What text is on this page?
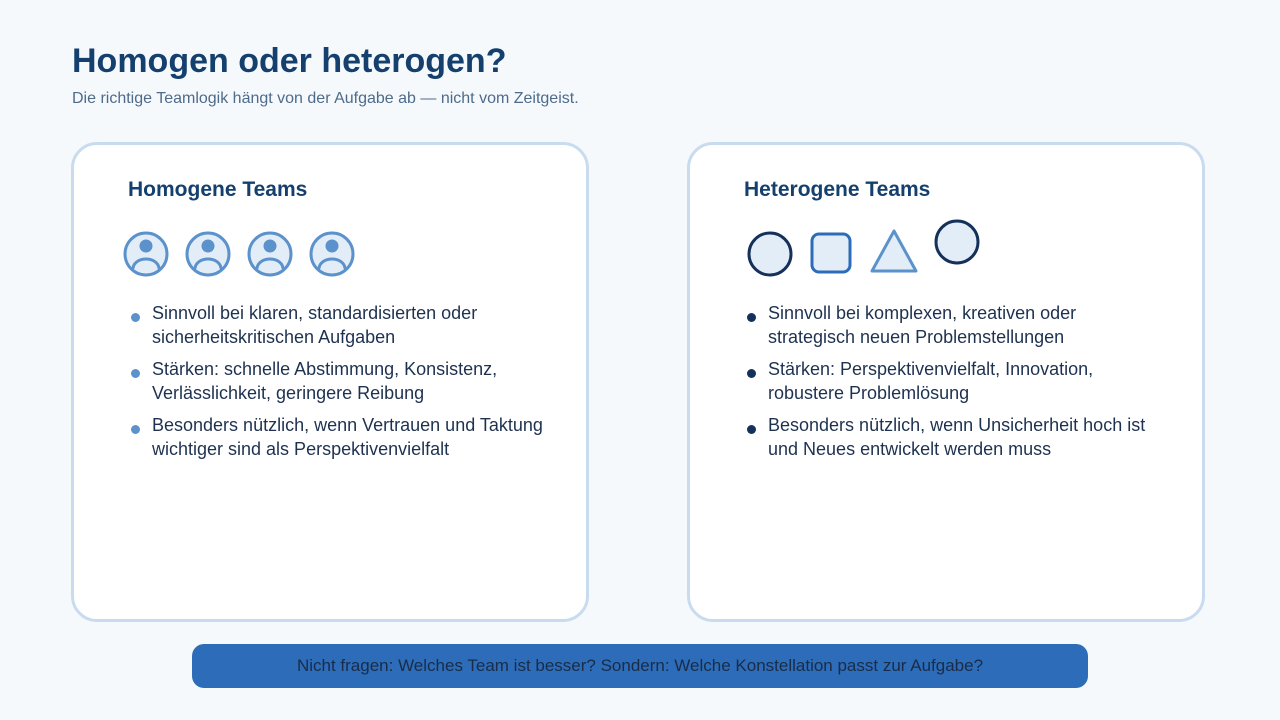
Homogen oder heterogen?

Die richtige Teamlogik hängt von der Aufgabe ab — nicht vom Zeitgeist.

Homogene Teams
Sinnvoll bei klaren, standardisierten oder sicherheitskritischen Aufgaben
Stärken: schnelle Abstimmung, Konsistenz, Verlässlichkeit, geringere Reibung
Besonders nützlich, wenn Vertrauen und Taktung wichtiger sind als Perspektivenvielfalt
Heterogene Teams
Sinnvoll bei komplexen, kreativen oder strategisch neuen Problemstellungen
Stärken: Perspektivenvielfalt, Innovation, robustere Problemlösung
Besonders nützlich, wenn Unsicherheit hoch ist und Neues entwickelt werden muss
Nicht fragen: Welches Team ist besser? Sondern: Welche Konstellation passt zur Aufgabe?
